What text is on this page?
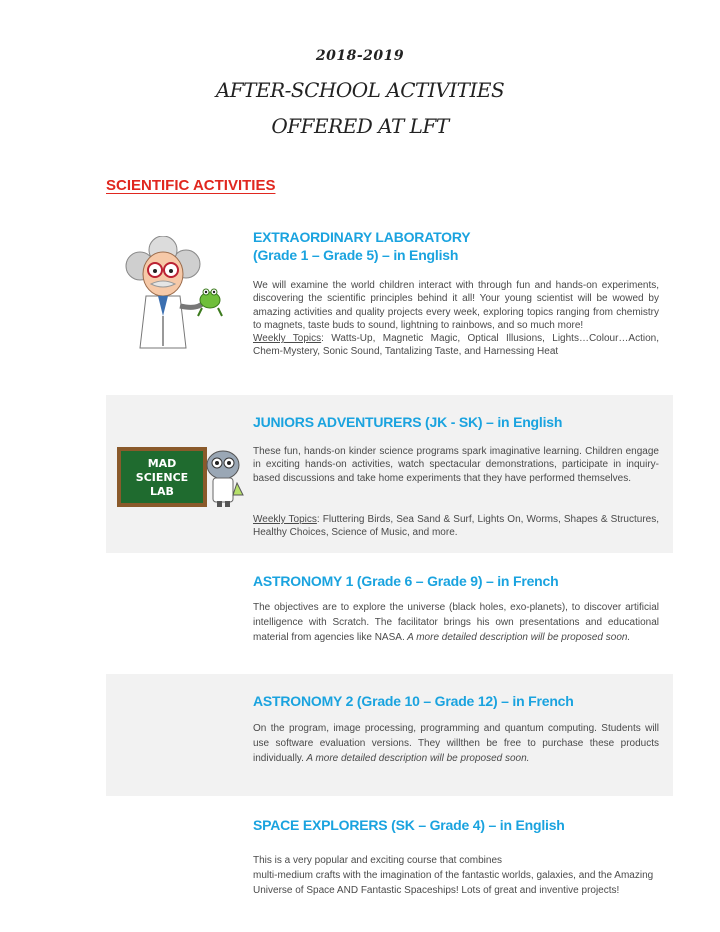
2018-2019
AFTER-SCHOOL ACTIVITIES
OFFERED AT LFT
SCIENTIFIC ACTIVITIES
EXTRAORDINARY LABORATORY
(Grade 1 – Grade 5) – in English
We will examine the world children interact with through fun and hands-on experiments, discovering the scientific principles behind it all! Your young scientist will be wowed by amazing activities and quality projects every week, exploring topics ranging from chemistry to magnets, taste buds to sound, lightning to rainbows, and so much more!
Weekly Topics: Watts-Up, Magnetic Magic, Optical Illusions, Lights…Colour…Action, Chem-Mystery, Sonic Sound, Tantalizing Taste, and Harnessing Heat
MAD
SCIENCE
LAB
JUNIORS ADVENTURERS (JK - SK) – in English
These fun, hands-on kinder science programs spark imaginative learning. Children engage in exciting hands-on activities, watch spectacular demonstrations, participate in inquiry-based discussions and take home experiments that they have performed themselves.
Weekly Topics: Fluttering Birds, Sea Sand & Surf, Lights On, Worms, Shapes & Structures, Healthy Choices, Science of Music, and more.
ASTRONOMY 1 (Grade 6 – Grade 9) – in French
The objectives are to explore the universe (black holes, exo-planets), to discover artificial intelligence with Scratch. The facilitator brings his own presentations and educational material from agencies like NASA. A more detailed description will be proposed soon.
ASTRONOMY 2 (Grade 10 – Grade 12) – in French
On the program, image processing, programming and quantum computing. Students will use software evaluation versions. They willthen be free to purchase these products individually. A more detailed description will be proposed soon.
SPACE EXPLORERS (SK – Grade 4) – in English
This is a very popular and exciting course that combines
multi-medium crafts with the imagination of the fantastic worlds, galaxies, and the Amazing Universe of Space AND Fantastic Spaceships! Lots of great and inventive projects!
